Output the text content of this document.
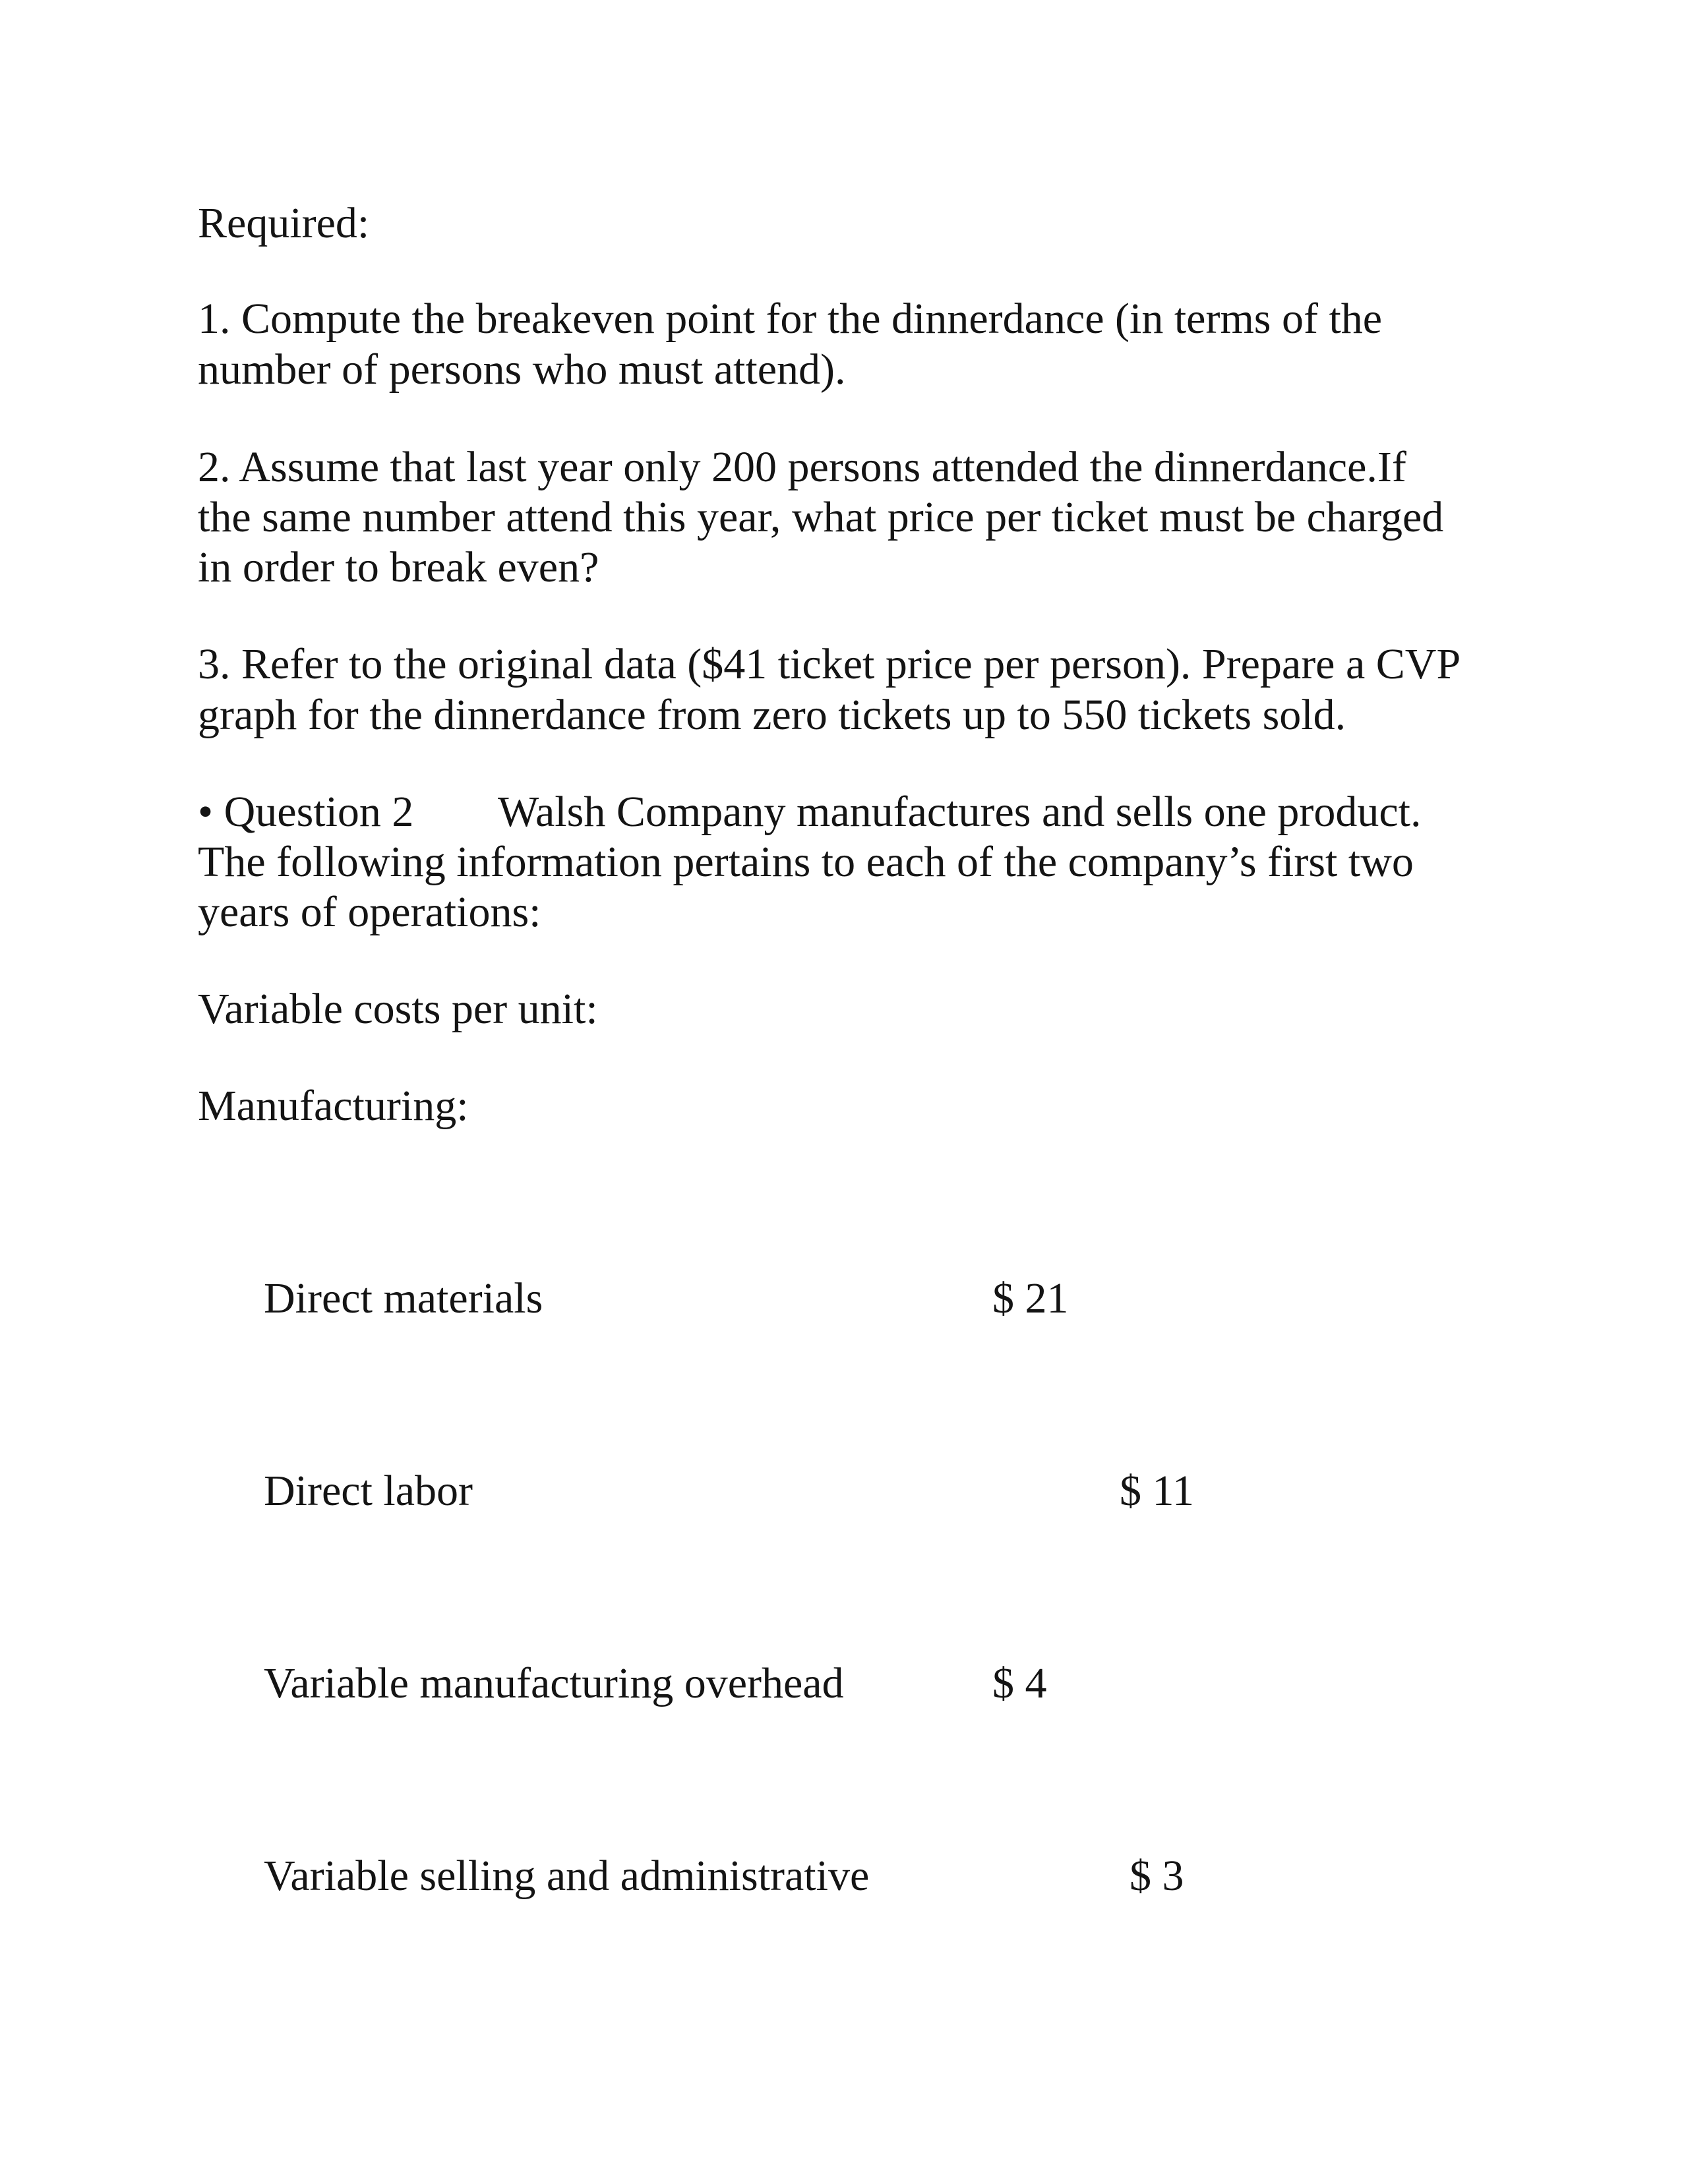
Required:
1. Compute the breakeven point for the dinnerdance (in terms of the
number of persons who must attend).
2. Assume that last year only 200 persons attended the dinnerdance.If
the same number attend this year, what price per ticket must be charged
in order to break even?
3. Refer to the original data ($41 ticket price per person). Prepare a CVP
graph for the dinnerdance from zero tickets up to 550 tickets sold.
• Question 2 Walsh Company manufactures and sells one product.
The following information pertains to each of the company’s first two
years of operations:
Variable costs per unit:
Manufacturing:
Direct materials	$ 21
Direct labor	$ 11
Variable manufacturing overhead	$ 4
Variable selling and administrative	$ 3
